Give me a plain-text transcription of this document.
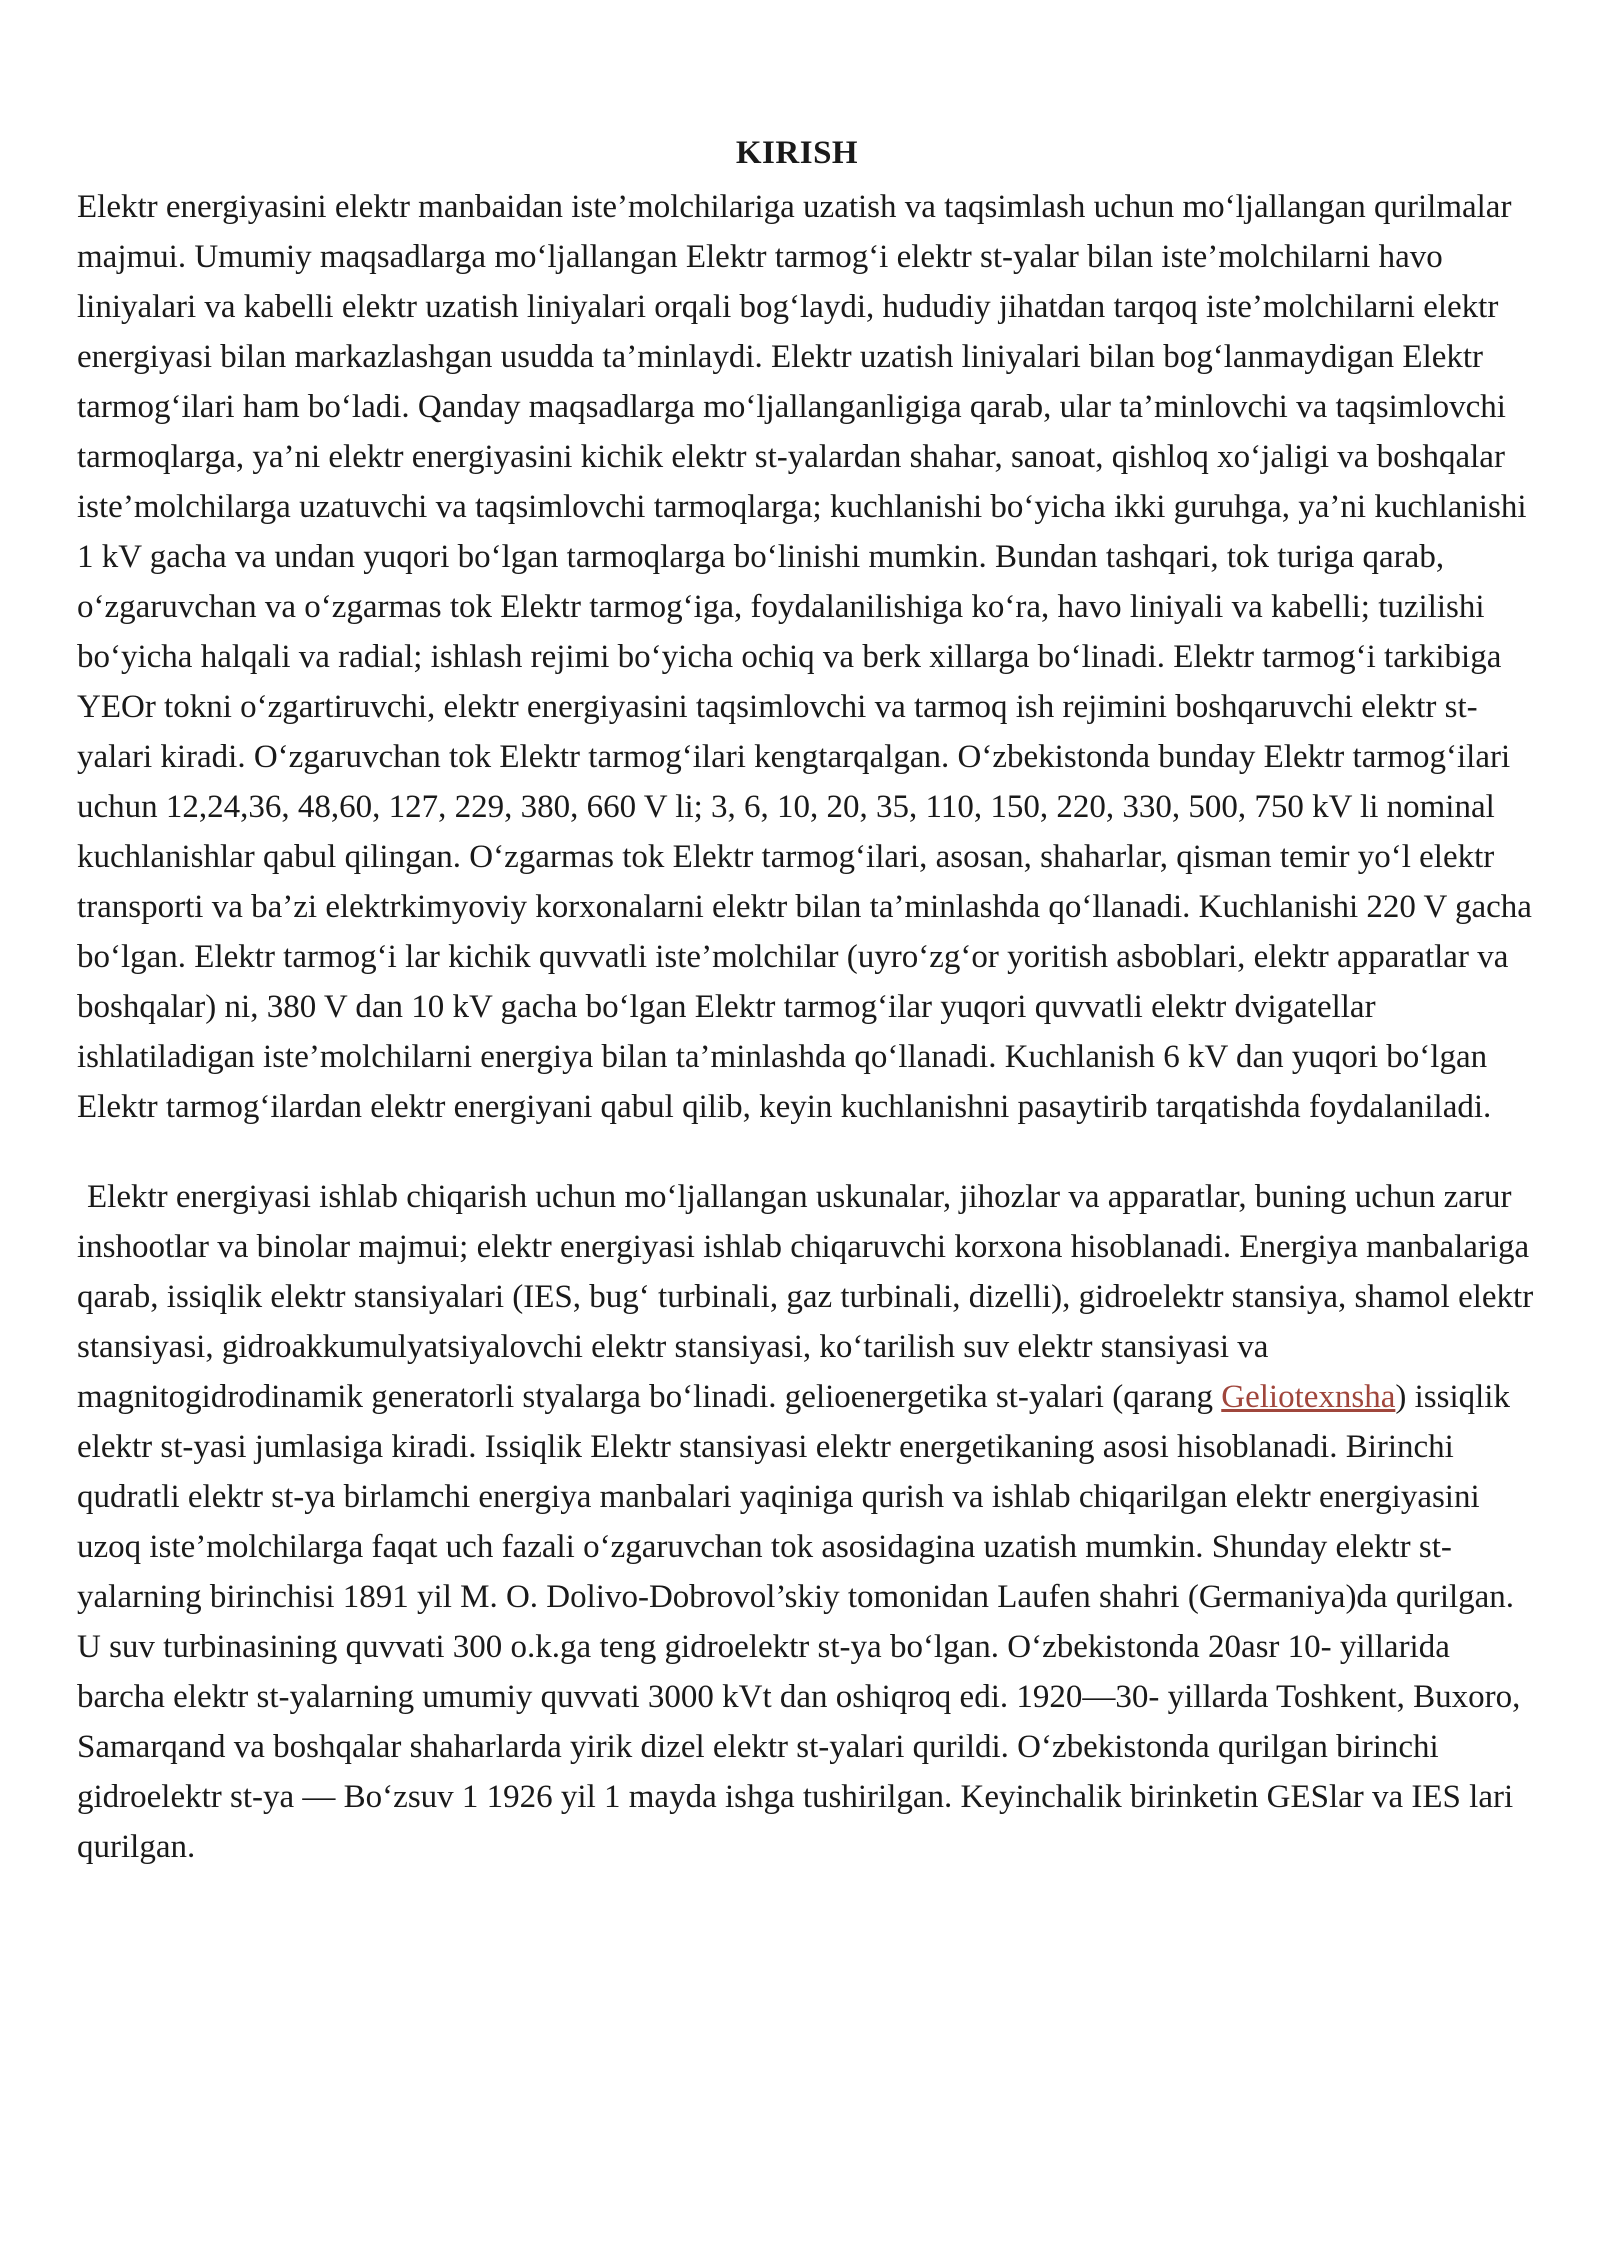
KIRISH

Elektr energiyasini elektr manbaidan iste’molchilariga uzatish va taqsimlash uchun mo‘ljallangan qurilmalar majmui. Umumiy maqsadlarga mo‘ljallangan Elektr tarmog‘i elektr st-yalar bilan iste’molchilarni havo liniyalari va kabelli elektr uzatish liniyalari orqali bog‘laydi, hududiy jihatdan tarqoq iste’molchilarni elektr energiyasi bilan markazlashgan usudda ta’minlaydi. Elektr uzatish liniyalari bilan bog‘lanmaydigan Elektr tarmog‘ilari ham bo‘ladi. Qanday maqsadlarga mo‘ljallanganligiga qarab, ular ta’minlovchi va taqsimlovchi tarmoqlarga, ya’ni elektr energiyasini kichik elektr st-yalardan shahar, sanoat, qishloq xo‘jaligi va boshqalar iste’molchilarga uzatuvchi va taqsimlovchi tarmoqlarga; kuchlanishi bo‘yicha ikki guruhga, ya’ni kuchlanishi 1 kV gacha va undan yuqori bo‘lgan tarmoqlarga bo‘linishi mumkin. Bundan tashqari, tok turiga qarab, o‘zgaruvchan va o‘zgarmas tok Elektr tarmog‘iga, foydalanilishiga ko‘ra, havo liniyali va kabelli; tuzilishi bo‘yicha halqali va radial; ishlash rejimi bo‘yicha ochiq va berk xillarga bo‘linadi. Elektr tarmog‘i tarkibiga YEOr tokni o‘zgartiruvchi, elektr energiyasini taqsimlovchi va tarmoq ish rejimini boshqaruvchi elektr st-yalari kiradi. O‘zgaruvchan tok Elektr tarmog‘ilari kengtarqalgan. O‘zbekistonda bunday Elektr tarmog‘ilari uchun 12,24,36, 48,60, 127, 229, 380, 660 V li; 3, 6, 10, 20, 35, 110, 150, 220, 330, 500, 750 kV li nominal kuchlanishlar qabul qilingan. O‘zgarmas tok Elektr tarmog‘ilari, asosan, shaharlar, qisman temir yo‘l elektr transporti va ba’zi elektrkimyoviy korxonalarni elektr bilan ta’minlashda qo‘llanadi. Kuchlanishi 220 V gacha bo‘lgan. Elektr tarmog‘i lar kichik quvvatli iste’molchilar (uyro‘zg‘or yoritish asboblari, elektr apparatlar va boshqalar) ni, 380 V dan 10 kV gacha bo‘lgan Elektr tarmog‘ilar yuqori quvvatli elektr dvigatellar ishlatiladigan iste’molchilarni energiya bilan ta’minlashda qo‘llanadi. Kuchlanish 6 kV dan yuqori bo‘lgan Elektr tarmog‘ilardan elektr energiyani qabul qilib, keyin kuchlanishni pasaytirib tarqatishda foydalaniladi.

Elektr energiyasi ishlab chiqarish uchun mo‘ljallangan uskunalar, jihozlar va apparatlar, buning uchun zarur inshootlar va binolar majmui; elektr energiyasi ishlab chiqaruvchi korxona hisoblanadi. Energiya manbalariga qarab, issiqlik elektr stansiyalari (IES, bug‘ turbinali, gaz turbinali, dizelli), gidroelektr stansiya, shamol elektr stansiyasi, gidroakkumulyatsiyalovchi elektr stansiyasi, ko‘tarilish suv elektr stansiyasi va magnitogidrodinamik generatorli styalarga bo‘linadi. gelioenergetika st-yalari (qarang Geliotexnsha) issiqlik elektr st-yasi jumlasiga kiradi. Issiqlik Elektr stansiyasi elektr energetikaning asosi hisoblanadi. Birinchi qudratli elektr st-ya birlamchi energiya manbalari yaqiniga qurish va ishlab chiqarilgan elektr energiyasini uzoq iste’molchilarga faqat uch fazali o‘zgaruvchan tok asosidagina uzatish mumkin. Shunday elektr st-yalarning birinchisi 1891 yil M. O. Dolivo-Dobrovol’skiy tomonidan Laufen shahri (Germaniya)da qurilgan. U suv turbinasining quvvati 300 o.k.ga teng gidroelektr st-ya bo‘lgan. O‘zbekistonda 20asr 10- yillarida barcha elektr st-yalarning umumiy quvvati 3000 kVt dan oshiqroq edi. 1920—30- yillarda Toshkent, Buxoro, Samarqand va boshqalar shaharlarda yirik dizel elektr st-yalari qurildi. O‘zbekistonda qurilgan birinchi gidroelektr st-ya — Bo‘zsuv 1 1926 yil 1 mayda ishga tushirilgan. Keyinchalik birinketin GESlar va IES lari qurilgan.
